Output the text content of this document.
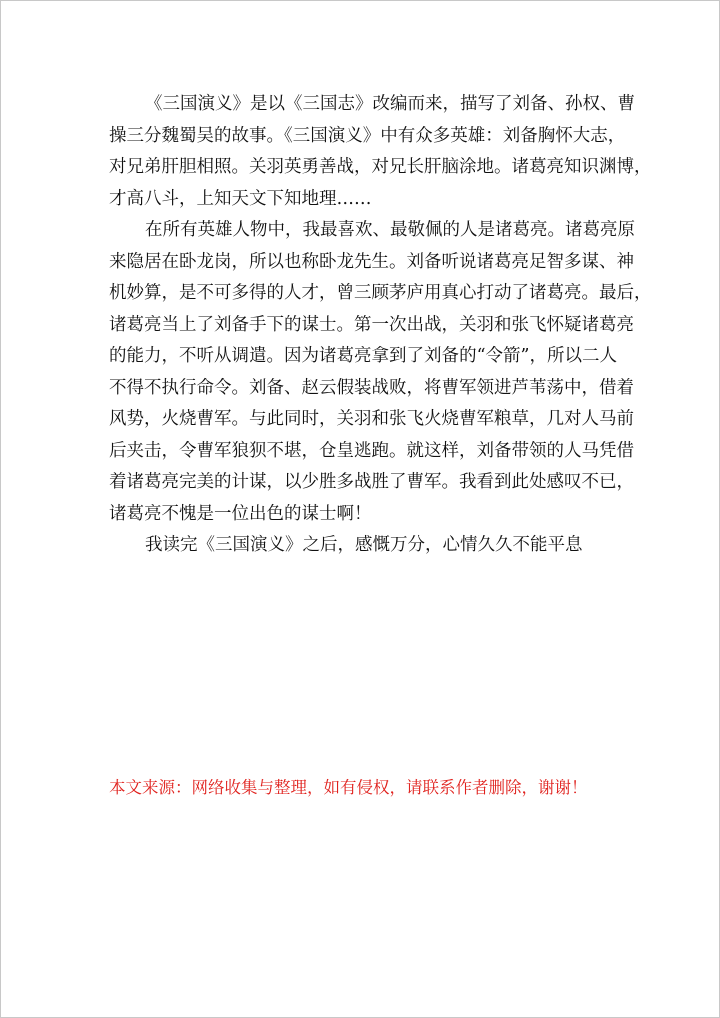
《三国演义》是以《三国志》改编而来，描写了刘备、孙权、曹
操三分魏蜀吴的故事。《三国演义》中有众多英雄：刘备胸怀大志，
对兄弟肝胆相照。关羽英勇善战，对兄长肝脑涂地。诸葛亮知识渊博，
才高八斗，上知天文下知地理……
在所有英雄人物中，我最喜欢、最敬佩的人是诸葛亮。诸葛亮原
来隐居在卧龙岗，所以也称卧龙先生。刘备听说诸葛亮足智多谋、神
机妙算，是不可多得的人才，曾三顾茅庐用真心打动了诸葛亮。最后，
诸葛亮当上了刘备手下的谋士。第一次出战，关羽和张飞怀疑诸葛亮
的能力，不听从调遣。因为诸葛亮拿到了刘备的“令箭”，所以二人
不得不执行命令。刘备、赵云假装战败，将曹军领进芦苇荡中，借着
风势，火烧曹军。与此同时，关羽和张飞火烧曹军粮草，几对人马前
后夹击，令曹军狼狈不堪，仓皇逃跑。就这样，刘备带领的人马凭借
着诸葛亮完美的计谋，以少胜多战胜了曹军。我看到此处感叹不已，
诸葛亮不愧是一位出色的谋士啊！
我读完《三国演义》之后，感慨万分，心情久久不能平息
本文来源：网络收集与整理，如有侵权，请联系作者删除，谢谢！
